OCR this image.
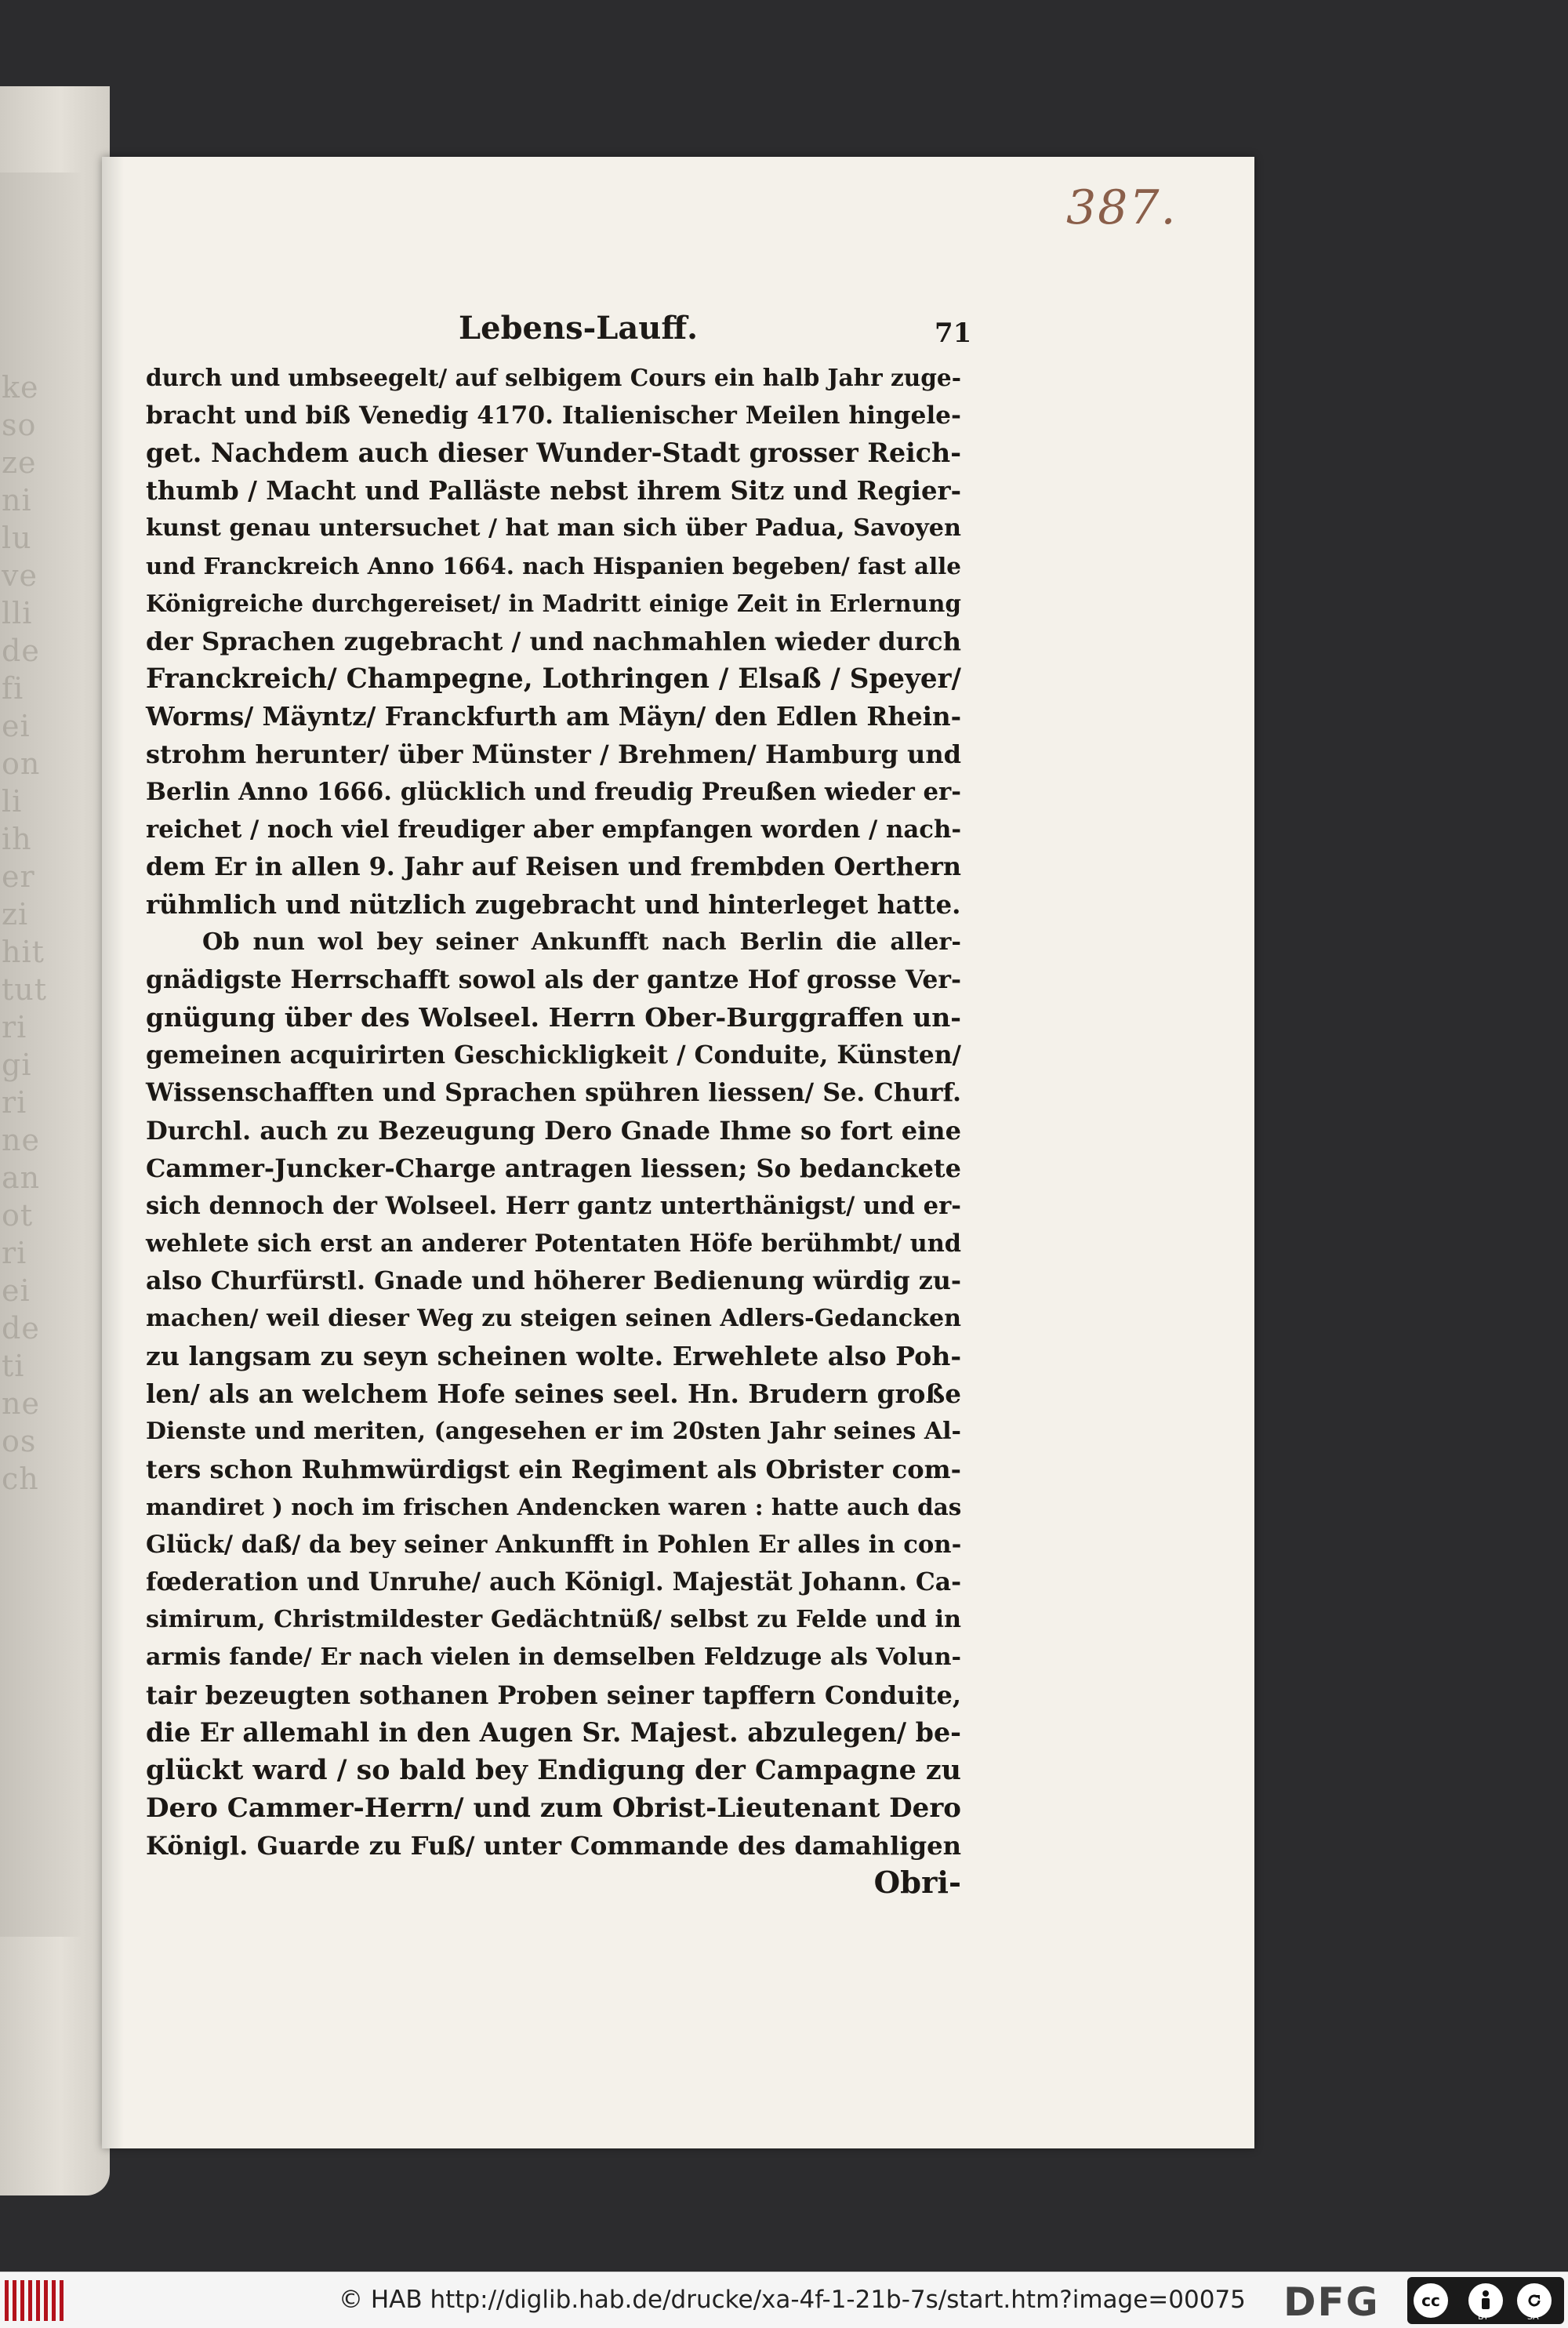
ke
so
ze
ni
lu
ve
lli
de
fi
ei
on
li
ih
er
zi
hit
tut
ri
gi
ri
ne
an
ot
ri
ei
de
ti
ne
os
ch
387.
Lebens-Lauff.	71
durch und umbseegelt/ auf selbigem Cours ein halb Jahr zuge-
bracht und biß Venedig 4170. Italienischer Meilen hingele-
get. Nachdem auch dieser Wunder-Stadt grosser Reich-
thumb / Macht und Palläste nebst ihrem Sitz und Regier-
kunst genau untersuchet / hat man sich über Padua, Savoyen
und Franckreich Anno 1664. nach Hispanien begeben/ fast alle
Königreiche durchgereiset/ in Madritt einige Zeit in Erlernung
der Sprachen zugebracht / und nachmahlen wieder durch
Franckreich/ Champegne, Lothringen / Elsaß / Speyer/
Worms/ Mäyntz/ Franckfurth am Mäyn/ den Edlen Rhein-
strohm herunter/ über Münster / Brehmen/ Hamburg und
Berlin Anno 1666. glücklich und freudig Preußen wieder er-
reichet / noch viel freudiger aber empfangen worden / nach-
dem Er in allen 9. Jahr auf Reisen und frembden Oerthern
rühmlich und nützlich zugebracht und hinterleget hatte.
Ob nun wol bey seiner Ankunfft nach Berlin die aller-
gnädigste Herrschafft sowol als der gantze Hof grosse Ver-
gnügung über des Wolseel. Herrn Ober-Burggraffen un-
gemeinen acquirirten Geschickligkeit / Conduite, Künsten/
Wissenschafften und Sprachen spühren liessen/ Se. Churf.
Durchl. auch zu Bezeugung Dero Gnade Ihme so fort eine
Cammer-Juncker-Charge antragen liessen; So bedanckete
sich dennoch der Wolseel. Herr gantz unterthänigst/ und er-
wehlete sich erst an anderer Potentaten Höfe berühmbt/ und
also Churfürstl. Gnade und höherer Bedienung würdig zu-
machen/ weil dieser Weg zu steigen seinen Adlers-Gedancken
zu langsam zu seyn scheinen wolte. Erwehlete also Poh-
len/ als an welchem Hofe seines seel. Hn. Brudern große
Dienste und meriten, (angesehen er im 20sten Jahr seines Al-
ters schon Ruhmwürdigst ein Regiment als Obrister com-
mandiret ) noch im frischen Andencken waren : hatte auch das
Glück/ daß/ da bey seiner Ankunfft in Pohlen Er alles in con-
fœderation und Unruhe/ auch Königl. Majestät Johann. Ca-
simirum, Christmildester Gedächtnüß/ selbst zu Felde und in
armis fande/ Er nach vielen in demselben Feldzuge als Volun-
tair bezeugten sothanen Proben seiner tapffern Conduite,
die Er allemahl in den Augen Sr. Majest. abzulegen/ be-
glückt ward / so bald bey Endigung der Campagne zu
Dero Cammer-Herrn/ und zum Obrist-Lieutenant Dero
Königl. Guarde zu Fuß/ unter Commande des damahligen
Obri-
© HAB http://diglib.hab.de/drucke/xa-4f-1-21b-7s/start.htm?image=00075 DFG	cc
BY	SA
